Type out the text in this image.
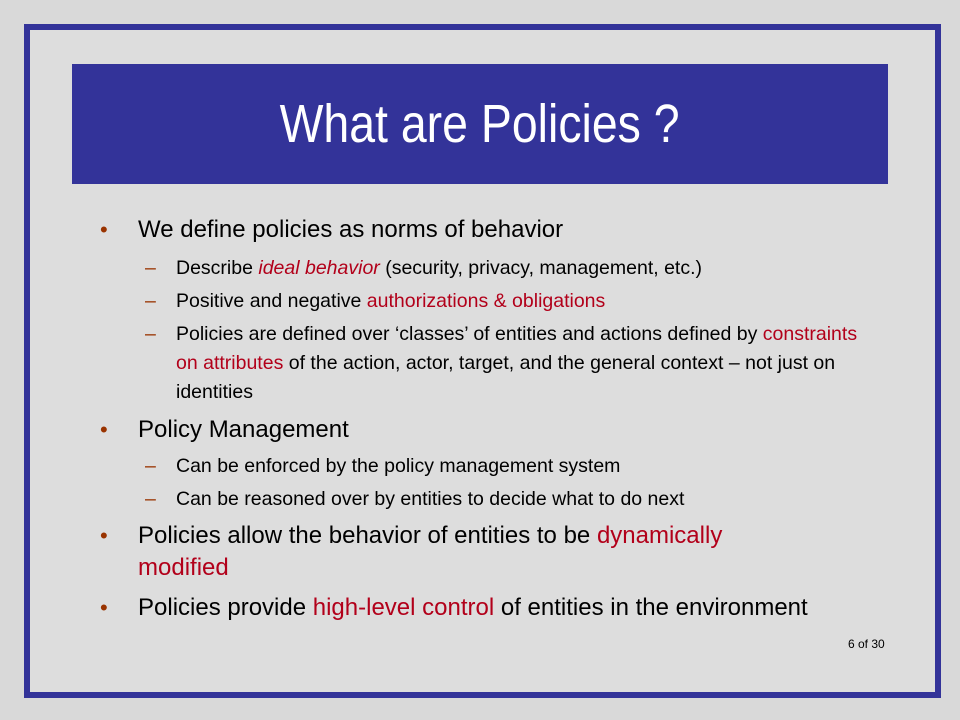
What are Policies ?
• We define policies as norms of behavior
– Describe ideal behavior (security, privacy, management, etc.)
– Positive and negative authorizations & obligations
– Policies are defined over ‘classes’ of entities and actions defined by constraints on attributes of the action, actor, target, and the general context – not just on identities
• Policy Management
– Can be enforced by the policy management system
– Can be reasoned over by entities to decide what to do next
• Policies allow the behavior of entities to be dynamically modified
• Policies provide high-level control of entities in the environment
6 of 30
